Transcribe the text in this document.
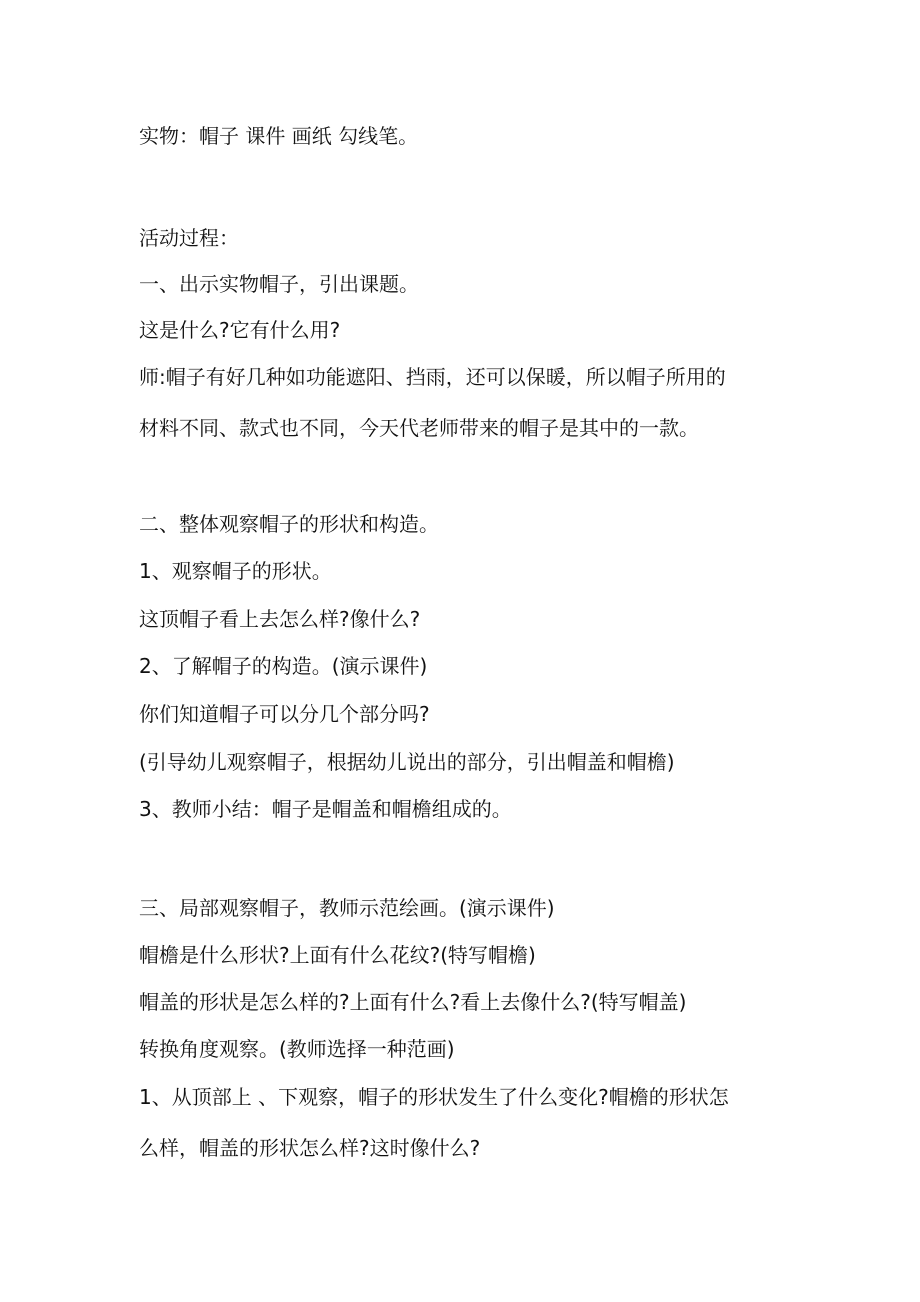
实物：帽子 课件 画纸 勾线笔。
活动过程：
一、出示实物帽子，引出课题。
这是什么?它有什么用?
师:帽子有好几种如功能遮阳、挡雨，还可以保暖，所以帽子所用的
材料不同、款式也不同，今天代老师带来的帽子是其中的一款。
二、整体观察帽子的形状和构造。
1、观察帽子的形状。
这顶帽子看上去怎么样?像什么?
2、了解帽子的构造。(演示课件)
你们知道帽子可以分几个部分吗?
(引导幼儿观察帽子，根据幼儿说出的部分，引出帽盖和帽檐)
3、教师小结：帽子是帽盖和帽檐组成的。
三、局部观察帽子，教师示范绘画。(演示课件)
帽檐是什么形状?上面有什么花纹?(特写帽檐)
帽盖的形状是怎么样的?上面有什么?看上去像什么?(特写帽盖)
转换角度观察。(教师选择一种范画)
1、从顶部上 、下观察，帽子的形状发生了什么变化?帽檐的形状怎
么样，帽盖的形状怎么样?这时像什么?
